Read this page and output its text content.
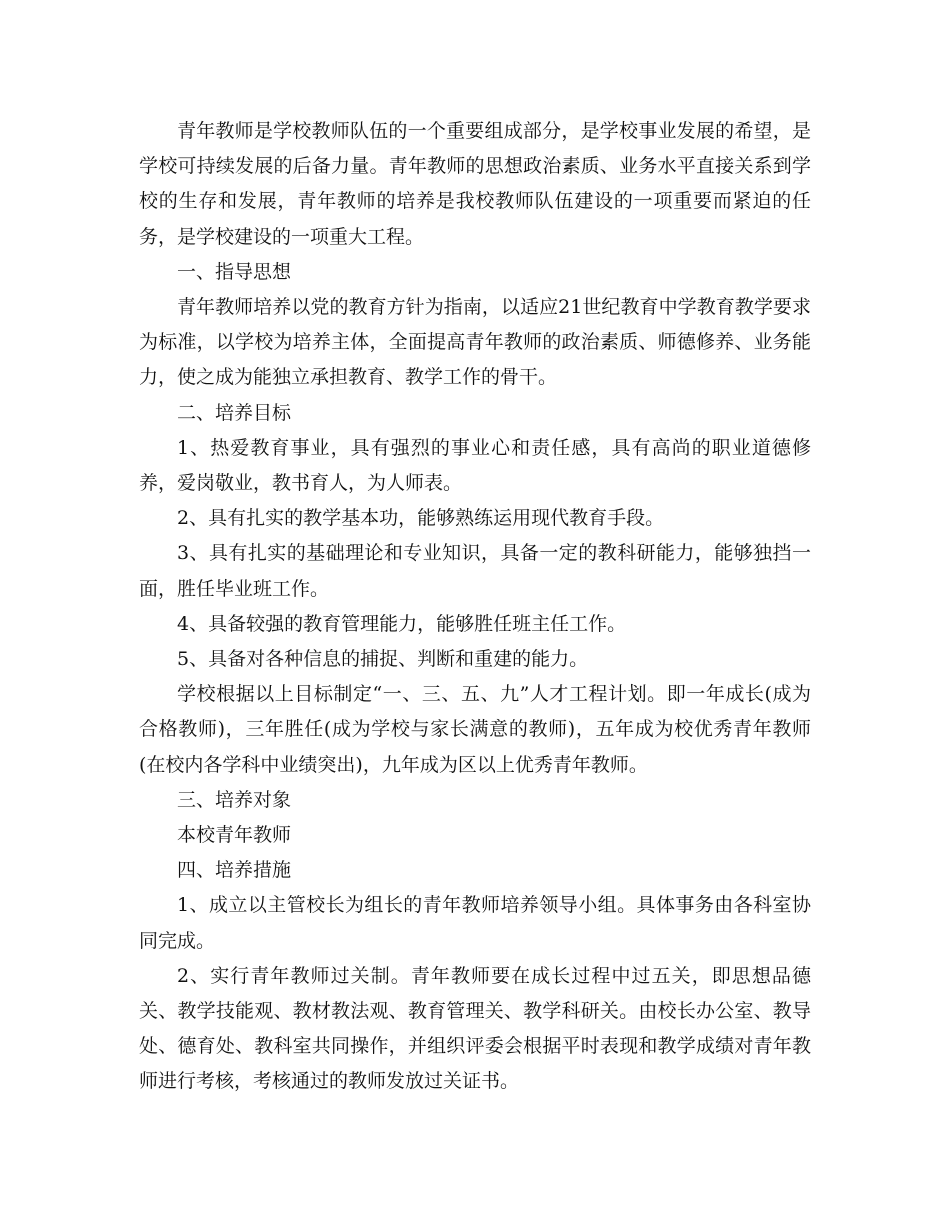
青年教师是学校教师队伍的一个重要组成部分，是学校事业发展的希望，是学校可持续发展的后备力量。青年教师的思想政治素质、业务水平直接关系到学校的生存和发展，青年教师的培养是我校教师队伍建设的一项重要而紧迫的任务，是学校建设的一项重大工程。

一、指导思想

青年教师培养以党的教育方针为指南，以适应21世纪教育中学教育教学要求为标准，以学校为培养主体，全面提高青年教师的政治素质、师德修养、业务能力，使之成为能独立承担教育、教学工作的骨干。

二、培养目标

1、热爱教育事业，具有强烈的事业心和责任感，具有高尚的职业道德修养，爱岗敬业，教书育人，为人师表。

2、具有扎实的教学基本功，能够熟练运用现代教育手段。

3、具有扎实的基础理论和专业知识，具备一定的教科研能力，能够独挡一面，胜任毕业班工作。

4、具备较强的教育管理能力，能够胜任班主任工作。

5、具备对各种信息的捕捉、判断和重建的能力。

学校根据以上目标制定“一、三、五、九”人才工程计划。即一年成长(成为合格教师)，三年胜任(成为学校与家长满意的教师)，五年成为校优秀青年教师(在校内各学科中业绩突出)，九年成为区以上优秀青年教师。

三、培养对象

本校青年教师

四、培养措施

1、成立以主管校长为组长的青年教师培养领导小组。具体事务由各科室协同完成。

2、实行青年教师过关制。青年教师要在成长过程中过五关，即思想品德关、教学技能观、教材教法观、教育管理关、教学科研关。由校长办公室、教导处、德育处、教科室共同操作，并组织评委会根据平时表现和教学成绩对青年教师进行考核，考核通过的教师发放过关证书。
